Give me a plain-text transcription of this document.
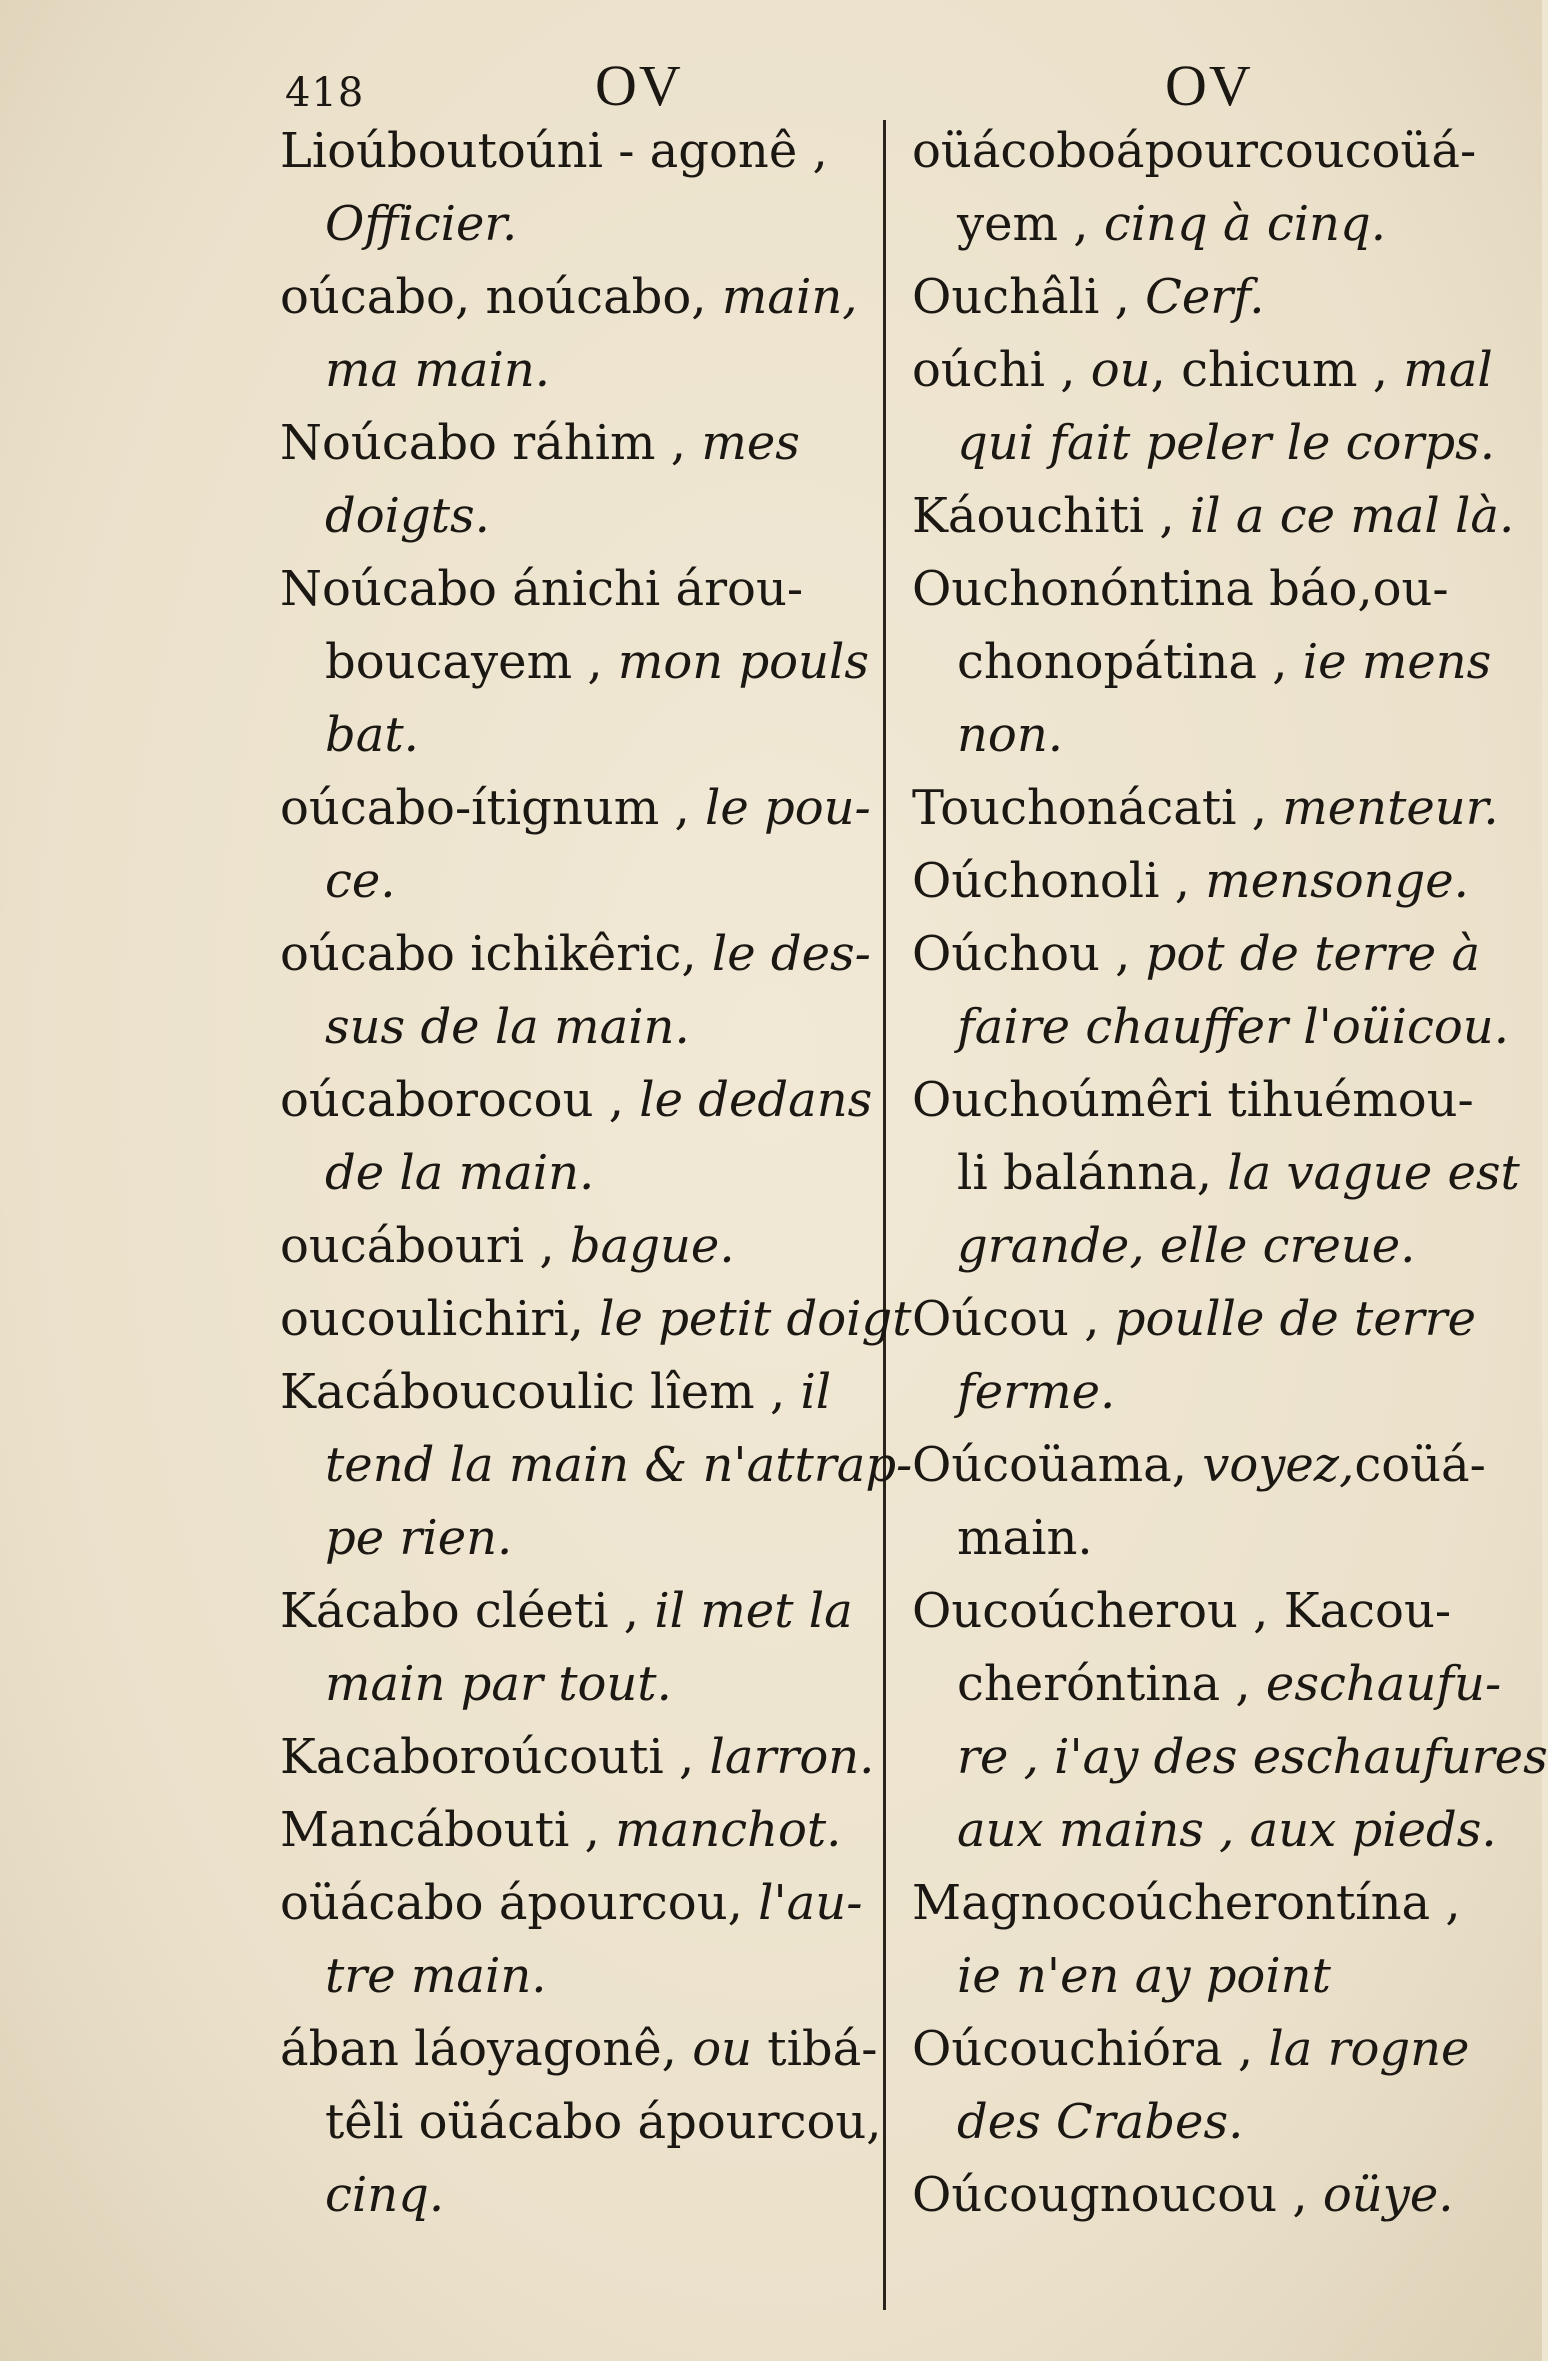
418	OV	OV
Lioúboutoúni - agonê ,
Officier.
oúcabo, noúcabo, main,
ma main.
Noúcabo ráhim , mes
doigts.
Noúcabo ánichi árou-
boucayem , mon pouls
bat.
oúcabo-ítignum , le pou-
ce.
oúcabo ichikêric, le des-
sus de la main.
oúcaborocou , le dedans
de la main.
oucábouri , bague.
oucoulichiri, le petit doigt
Kacáboucoulic lîem , il
tend la main & n'attrap-
pe rien.
Kácabo cléeti , il met la
main par tout.
Kacaboroúcouti , larron.
Mancábouti , manchot.
oüácabo ápourcou, l'au-
tre main.
ában láoyagonê, ou tibá-
têli oüácabo ápourcou,
cinq.
oüácoboápourcoucoüá-
yem , cinq à cinq.
Ouchâli , Cerf.
oúchi , ou, chicum , mal
qui fait peler le corps.
Káouchiti , il a ce mal là.
Ouchonóntina báo,ou-
chonopátina , ie mens
non.
Touchonácati , menteur.
Oúchonoli , mensonge.
Oúchou , pot de terre à
faire chauffer l'oüicou.
Ouchoúmêri tihuémou-
li balánna, la vague est
grande, elle creue.
Oúcou , poulle de terre
ferme.
Oúcoüama, voyez,coüá-
main.
Oucoúcherou , Kacou-
cheróntina , eschaufu-
re , i'ay des eschaufures
aux mains , aux pieds.
Magnocoúcherontína ,
ie n'en ay point
Oúcouchióra , la rogne
des Crabes.
Oúcougnoucou , oüye.
